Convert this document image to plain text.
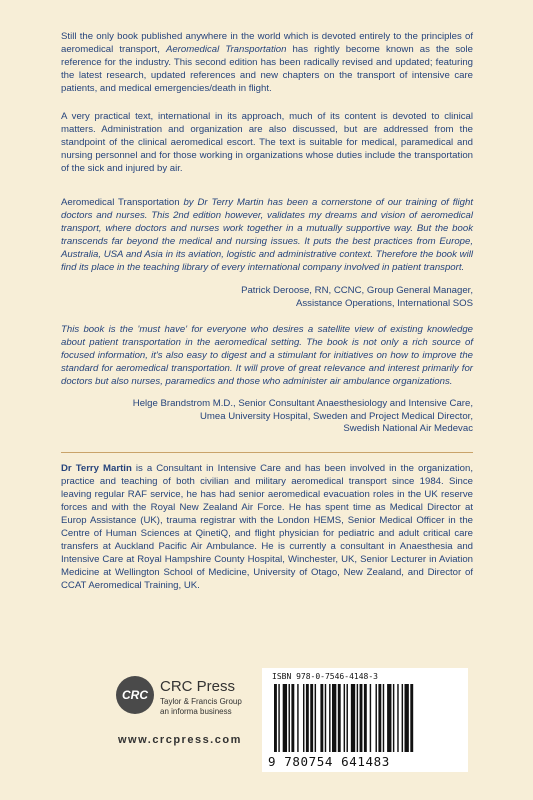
Still the only book published anywhere in the world which is devoted entirely to the principles of aeromedical transport, Aeromedical Transportation has rightly become known as the sole reference for the industry. This second edition has been radically revised and updated; featuring the latest research, updated references and new chapters on the transport of intensive care patients, and medical emergencies/death in flight.

A very practical text, international in its approach, much of its content is devoted to clinical matters. Administration and organization are also discussed, but are addressed from the standpoint of the clinical aeromedical escort. The text is suitable for medical, paramedical and nursing personnel and for those working in organizations whose duties include the transportation of the sick and injured by air.

Aeromedical Transportation by Dr Terry Martin has been a cornerstone of our training of flight doctors and nurses. This 2nd edition however, validates my dreams and vision of aeromedical transport, where doctors and nurses work together in a mutually supportive way. But the book transcends far beyond the medical and nursing issues. It puts the best practices from Europe, Australia, USA and Asia in its aviation, logistic and administrative context. Therefore the book will find its place in the teaching library of every international company involved in patient transport.

Patrick Deroose, RN, CCNC, Group General Manager,
Assistance Operations, International SOS

This book is the 'must have' for everyone who desires a satellite view of existing knowledge about patient transportation in the aeromedical setting. The book is not only a rich source of focused information, it's also easy to digest and a stimulant for initiatives on how to improve the standard for aeromedical transportation. It will prove of great relevance and interest primarily for doctors but also nurses, paramedics and those who administer air ambulance organizations.

Helge Brandstrom M.D., Senior Consultant Anaesthesiology and Intensive Care,
Umea University Hospital, Sweden and Project Medical Director,
Swedish National Air Medevac

Dr Terry Martin is a Consultant in Intensive Care and has been involved in the organization, practice and teaching of both civilian and military aeromedical transport since 1984. Since leaving regular RAF service, he has had senior aeromedical evacuation roles in the UK reserve forces and with the Royal New Zealand Air Force. He has spent time as Medical Director at Europ Assistance (UK), trauma registrar with the London HEMS, Senior Medical Officer in the Centre of Human Sciences at QinetiQ, and flight physician for pediatric and adult critical care transfers at Auckland Pacific Air Ambulance. He is currently a consultant in Anaesthesia and Intensive Care at Royal Hampshire County Hospital, Winchester, UK, Senior Lecturer in Aviation Medicine at Wellington School of Medicine, University of Otago, New Zealand, and Director of CCAT Aeromedical Training, UK.

CRC CRC Press
Taylor & Francis Group
an informa business
www.crcpress.com
ISBN 978-0-7546-4148-3
9 780754 641483
